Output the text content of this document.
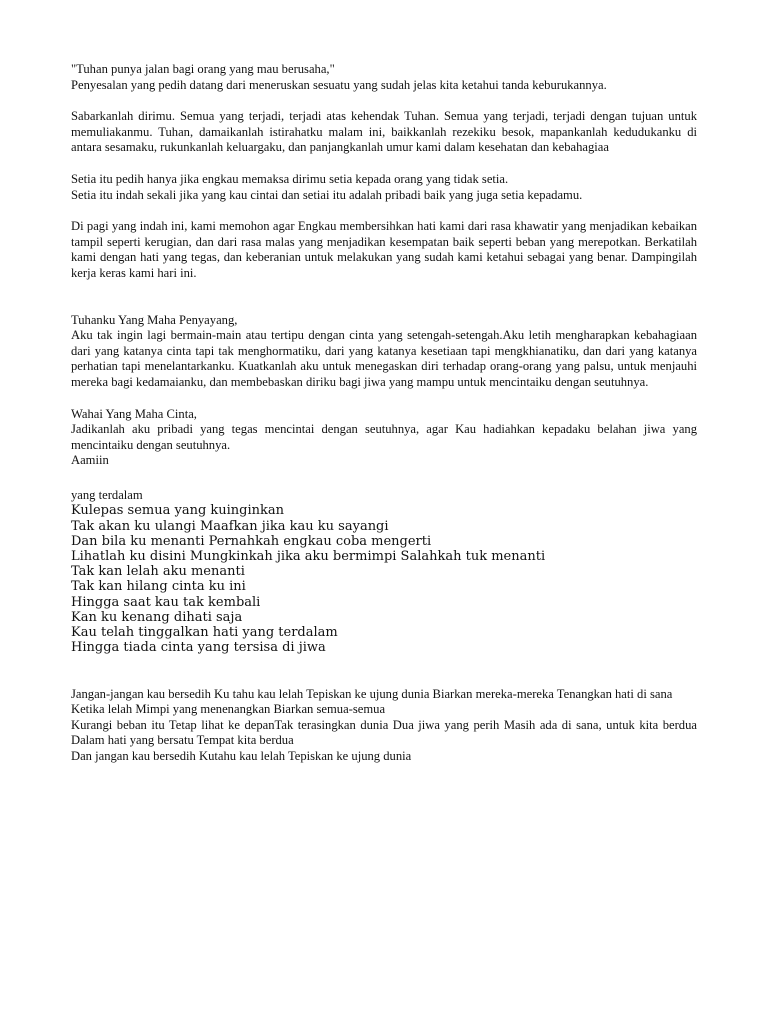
"Tuhan punya jalan bagi orang yang mau berusaha,"
Penyesalan yang pedih datang dari meneruskan sesuatu yang sudah jelas kita ketahui tanda keburukannya.

Sabarkanlah dirimu. Semua yang terjadi, terjadi atas kehendak Tuhan. Semua yang terjadi, terjadi dengan tujuan untuk memuliakanmu. Tuhan, damaikanlah istirahatku malam ini, baikkanlah rezekiku besok, mapankanlah kedudukanku di antara sesamaku, rukunkanlah keluargaku, dan panjangkanlah umur kami dalam kesehatan dan kebahagiaa

Setia itu pedih hanya jika engkau memaksa dirimu setia kepada orang yang tidak setia.
Setia itu indah sekali jika yang kau cintai dan setiai itu adalah pribadi baik yang juga setia kepadamu.

Di pagi yang indah ini, kami memohon agar Engkau membersihkan hati kami dari rasa khawatir yang menjadikan kebaikan tampil seperti kerugian, dan dari rasa malas yang menjadikan kesempatan baik seperti beban yang merepotkan. Berkatilah kami dengan hati yang tegas, dan keberanian untuk melakukan yang sudah kami ketahui sebagai yang benar. Dampingilah kerja keras kami hari ini.

Tuhanku Yang Maha Penyayang,
Aku tak ingin lagi bermain-main atau tertipu dengan cinta yang setengah-setengah.Aku letih mengharapkan kebahagiaan dari yang katanya cinta tapi tak menghormatiku, dari yang katanya kesetiaan tapi mengkhianatiku, dan dari yang katanya perhatian tapi menelantarkanku. Kuatkanlah aku untuk menegaskan diri terhadap orang-orang yang palsu, untuk menjauhi mereka bagi kedamaianku, dan membebaskan diriku bagi jiwa yang mampu untuk mencintaiku dengan seutuhnya.

Wahai Yang Maha Cinta,
Jadikanlah aku pribadi yang tegas mencintai dengan seutuhnya, agar Kau hadiahkan kepadaku belahan jiwa yang mencintaiku dengan seutuhnya.
Aamiin

yang terdalam
Kulepas semua yang kuinginkan
Tak akan ku ulangi Maafkan jika kau ku sayangi
Dan bila ku menanti Pernahkah engkau coba mengerti
Lihatlah ku disini Mungkinkah jika aku bermimpi Salahkah tuk menanti
Tak kan lelah aku menanti
Tak kan hilang cinta ku ini
Hingga saat kau tak kembali
Kan ku kenang dihati saja
Kau telah tinggalkan hati yang terdalam
Hingga tiada cinta yang tersisa di jiwa

Jangan-jangan kau bersedih Ku tahu kau lelah Tepiskan ke ujung dunia Biarkan mereka-mereka Tenangkan hati di sana
Ketika lelah Mimpi yang menenangkan Biarkan semua-semua
Kurangi beban itu Tetap lihat ke depanTak terasingkan dunia Dua jiwa yang perih Masih ada di sana, untuk kita berdua Dalam hati yang bersatu Tempat kita berdua
Dan jangan kau bersedih Kutahu kau lelah Tepiskan ke ujung dunia
